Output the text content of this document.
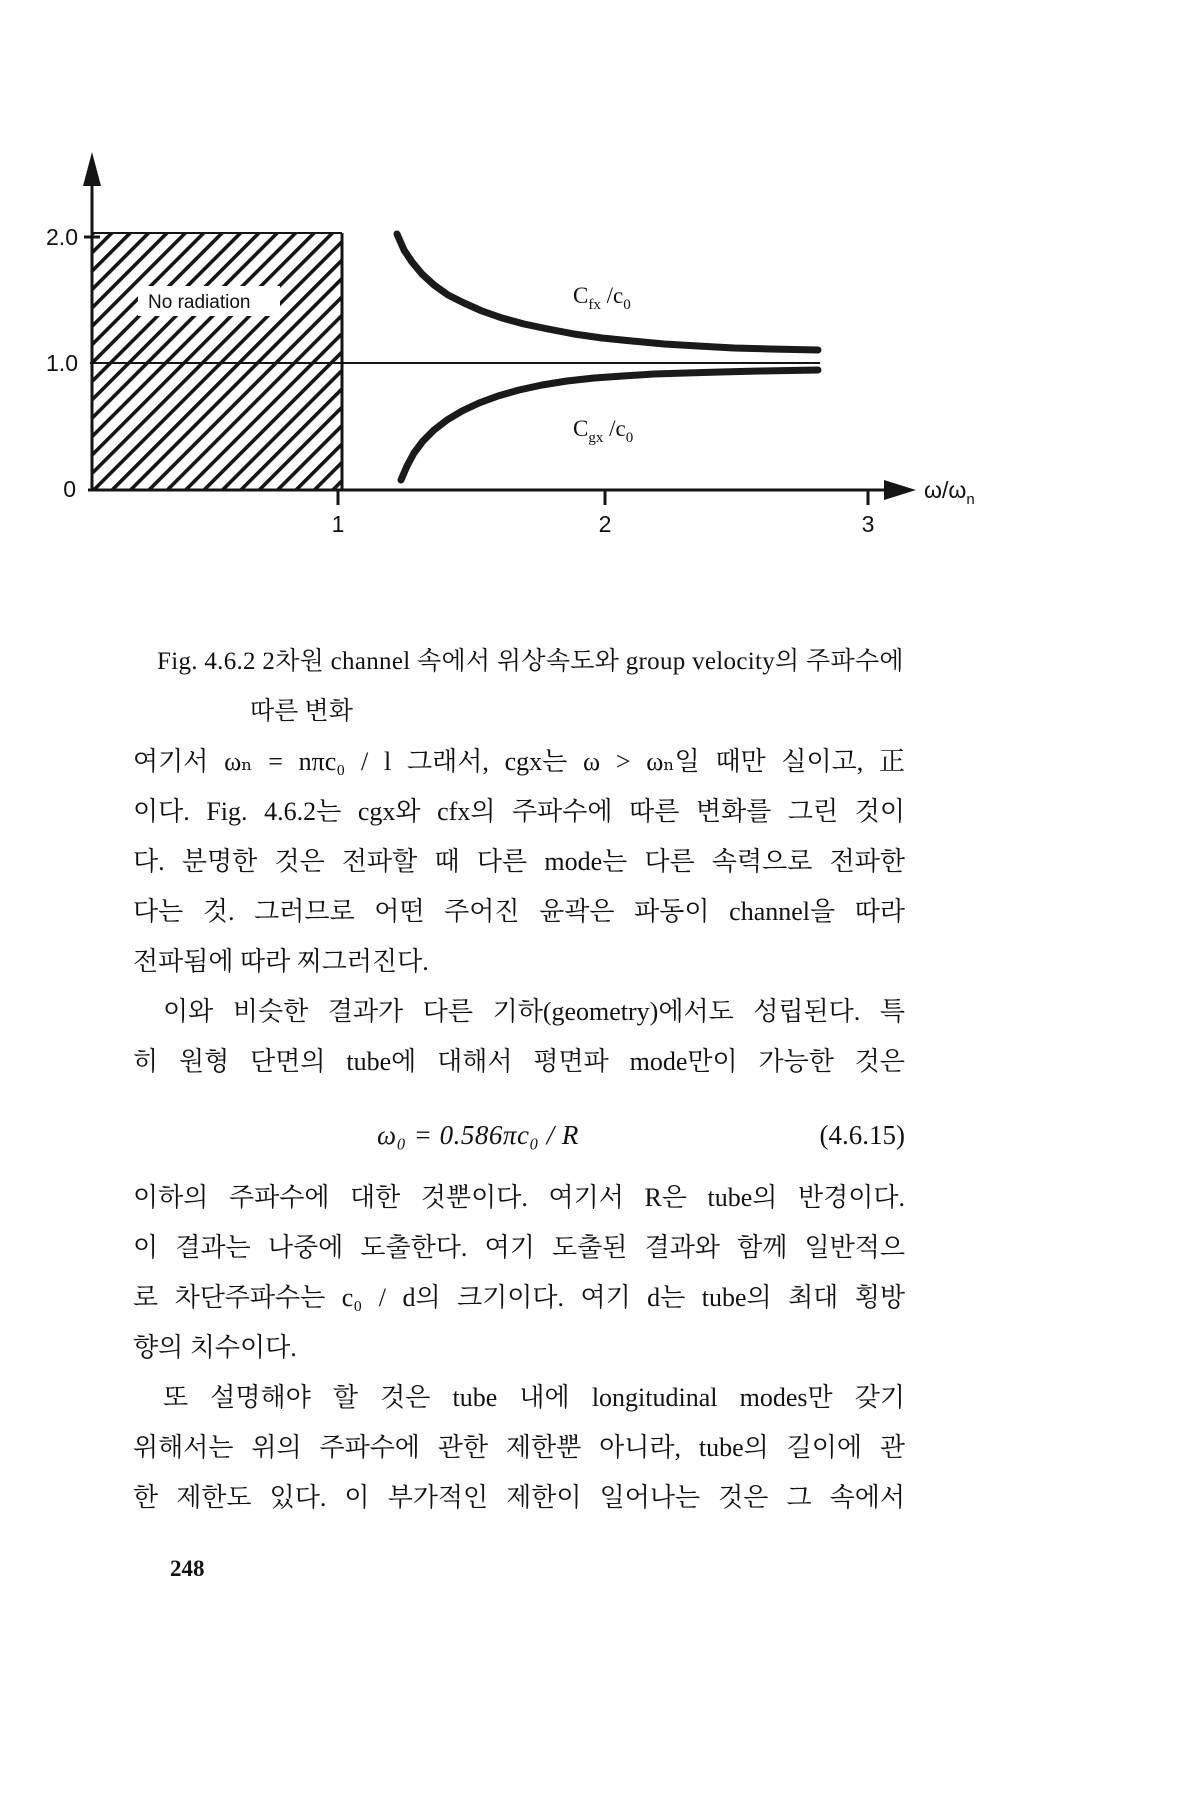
2.0
1.0
0
1	2	3
$\omega/\omega_n$
$C_{fx}$ $/c_0$
$C_{gx}$ $/c_0$
No radiation
Fig. 4.6.2 2차원 channel 속에서 위상속도와 group velocity의 주파수에
따른 변화
여기서 ωₙ = nπc₀ / l 그래서, cgx는 ω > ωₙ일 때만 실이고, 正
이다. Fig. 4.6.2는 cgx와 cfx의 주파수에 따른 변화를 그린 것이
다. 분명한 것은 전파할 때 다른 mode는 다른 속력으로 전파한
다는 것. 그러므로 어떤 주어진 윤곽은 파동이 channel을 따라
전파됨에 따라 찌그러진다.
이와 비슷한 결과가 다른 기하(geometry)에서도 성립된다. 특
히 원형 단면의 tube에 대해서 평면파 mode만이 가능한 것은
ω₀ = 0.586πc₀ / R	(4.6.15)
이하의 주파수에 대한 것뿐이다. 여기서 R은 tube의 반경이다.
이 결과는 나중에 도출한다. 여기 도출된 결과와 함께 일반적으
로 차단주파수는 c₀ / d의 크기이다. 여기 d는 tube의 최대 횡방
향의 치수이다.
또 설명해야 할 것은 tube 내에 longitudinal modes만 갖기
위해서는 위의 주파수에 관한 제한뿐 아니라, tube의 길이에 관
한 제한도 있다. 이 부가적인 제한이 일어나는 것은 그 속에서
248
